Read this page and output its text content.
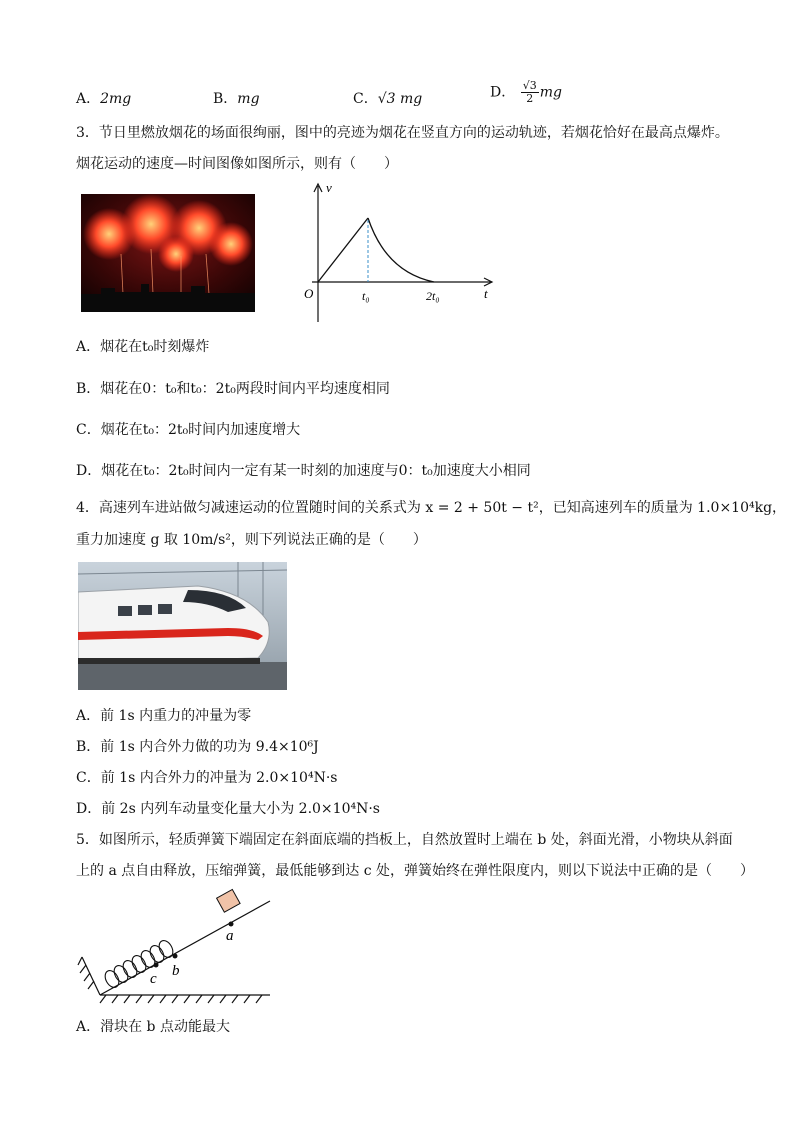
A．2mg	B．mg	C．√3 mg	D． $\frac{√3}{2}$ mg
3．节日里燃放烟花的场面很绚丽，图中的亮迹为烟花在竖直方向的运动轨迹，若烟花恰好在最高点爆炸。
烟花运动的速度—时间图像如图所示，则有（　　）
v
t
O	t₀	2t₀
A．烟花在t₀时刻爆炸
B．烟花在0：t₀和t₀：2t₀两段时间内平均速度相同
C．烟花在t₀：2t₀时间内加速度增大
D．烟花在t₀：2t₀时间内一定有某一时刻的加速度与0：t₀加速度大小相同
4．高速列车进站做匀减速运动的位置随时间的关系式为 x = 2 + 50t − t²，已知高速列车的质量为 1.0×10⁴kg，
重力加速度 g 取 10m/s²，则下列说法正确的是（　　）
A．前 1s 内重力的冲量为零
B．前 1s 内合外力做的功为 9.4×10⁶J
C．前 1s 内合外力的冲量为 2.0×10⁴N·s
D．前 2s 内列车动量变化量大小为 2.0×10⁴N·s
5．如图所示，轻质弹簧下端固定在斜面底端的挡板上，自然放置时上端在 b 处，斜面光滑，小物块从斜面
上的 a 点自由释放，压缩弹簧，最低能够到达 c 处，弹簧始终在弹性限度内，则以下说法中正确的是（　　）
c b
a
A．滑块在 b 点动能最大
